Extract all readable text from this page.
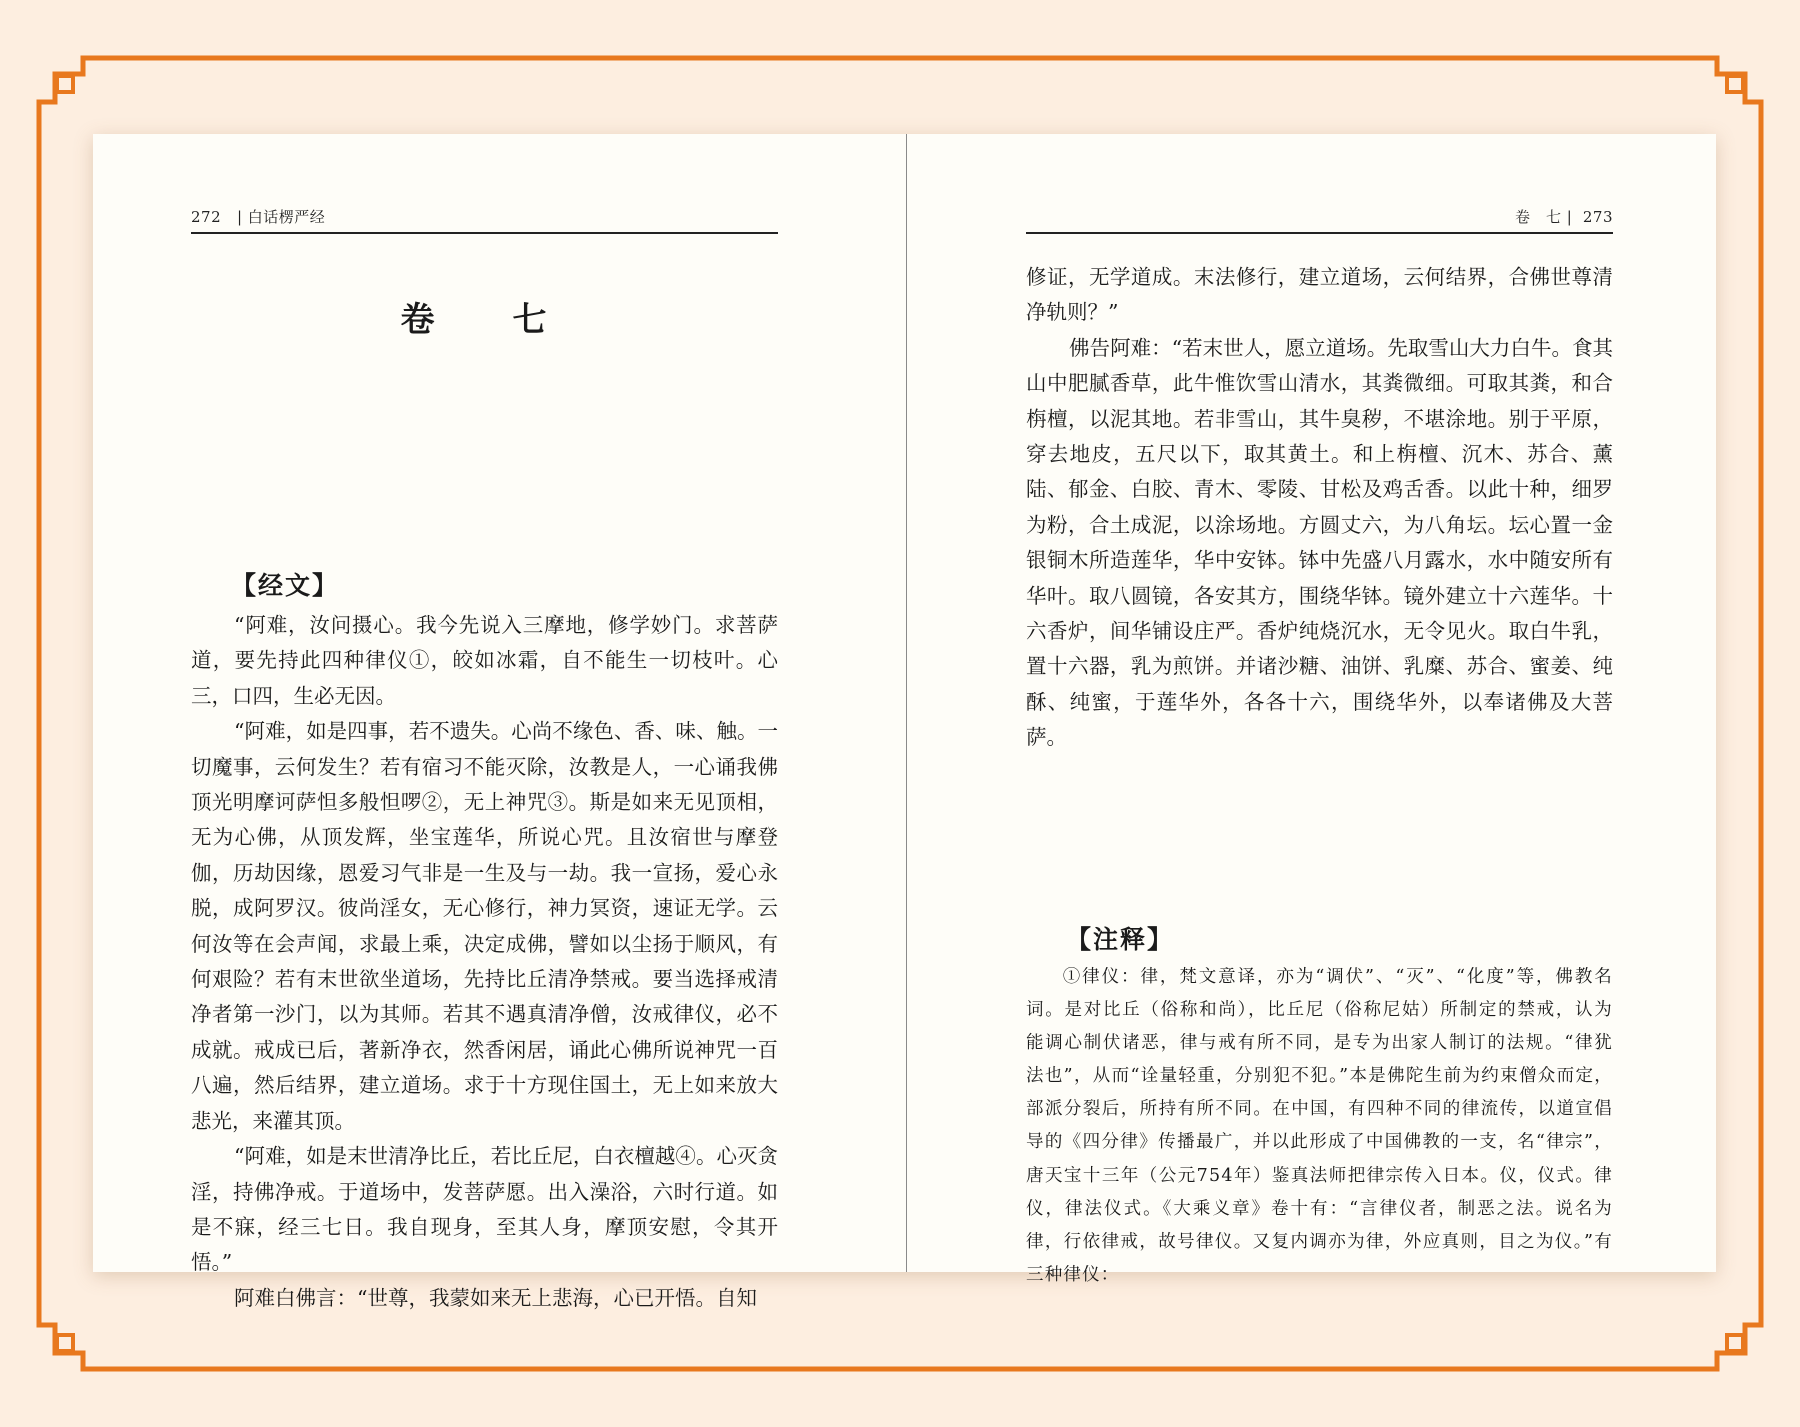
272   | 白话楞严经
卷　七
【经文】

“阿难，汝问摄心。我今先说入三摩地，修学妙门。求菩萨道，要先持此四种律仪①，皎如冰霜，自不能生一切枝叶。心三，口四，生必无因。

“阿难，如是四事，若不遗失。心尚不缘色、香、味、触。一切魔事，云何发生？若有宿习不能灭除，汝教是人，一心诵我佛顶光明摩诃萨怛多般怛啰②，无上神咒③。斯是如来无见顶相，无为心佛，从顶发辉，坐宝莲华，所说心咒。且汝宿世与摩登伽，历劫因缘，恩爱习气非是一生及与一劫。我一宣扬，爱心永脱，成阿罗汉。彼尚淫女，无心修行，神力冥资，速证无学。云何汝等在会声闻，求最上乘，决定成佛，譬如以尘扬于顺风，有何艰险？若有末世欲坐道场，先持比丘清净禁戒。要当选择戒清净者第一沙门，以为其师。若其不遇真清净僧，汝戒律仪，必不成就。戒成已后，著新净衣，然香闲居，诵此心佛所说神咒一百八遍，然后结界，建立道场。求于十方现住国土，无上如来放大悲光，来灌其顶。

“阿难，如是末世清净比丘，若比丘尼，白衣檀越④。心灭贪淫，持佛净戒。于道场中，发菩萨愿。出入澡浴，六时行道。如是不寐，经三七日。我自现身，至其人身，摩顶安慰，令其开悟。”

阿难白佛言：“世尊，我蒙如来无上悲海，心已开悟。自知

卷　七 |  273

修证，无学道成。末法修行，建立道场，云何结界，合佛世尊清净轨则？”

佛告阿难：“若末世人，愿立道场。先取雪山大力白牛。食其山中肥腻香草，此牛惟饮雪山清水，其粪微细。可取其粪，和合栴檀，以泥其地。若非雪山，其牛臭秽，不堪涂地。别于平原，穿去地皮，五尺以下，取其黄土。和上栴檀、沉木、苏合、薰陆、郁金、白胶、青木、零陵、甘松及鸡舌香。以此十种，细罗为粉，合土成泥，以涂场地。方圆丈六，为八角坛。坛心置一金银铜木所造莲华，华中安钵。钵中先盛八月露水，水中随安所有华叶。取八圆镜，各安其方，围绕华钵。镜外建立十六莲华。十六香炉，间华铺设庄严。香炉纯烧沉水，无令见火。取白牛乳，置十六器，乳为煎饼。并诸沙糖、油饼、乳糜、苏合、蜜姜、纯酥、纯蜜，于莲华外，各各十六，围绕华外，以奉诸佛及大菩萨。

【注释】

①律仪：律，梵文意译，亦为“调伏”、“灭”、“化度”等，佛教名词。是对比丘（俗称和尚），比丘尼（俗称尼姑）所制定的禁戒，认为能调心制伏诸恶，律与戒有所不同，是专为出家人制订的法规。“律犹法也”，从而“诠量轻重，分别犯不犯。”本是佛陀生前为约束僧众而定，部派分裂后，所持有所不同。在中国，有四种不同的律流传，以道宣倡导的《四分律》传播最广，并以此形成了中国佛教的一支，名“律宗”，唐天宝十三年（公元754年）鉴真法师把律宗传入日本。仪，仪式。律仪，律法仪式。《大乘义章》卷十有：“言律仪者，制恶之法。说名为律，行依律戒，故号律仪。又复内调亦为律，外应真则，目之为仪。”有三种律仪：
